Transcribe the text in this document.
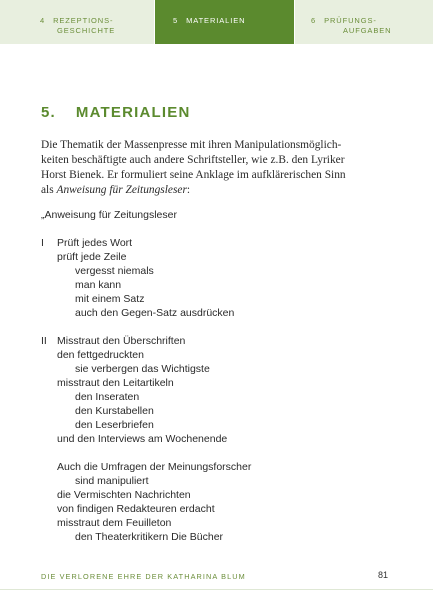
4 REZEPTIONS-
GESCHICHTE
5 MATERIALIEN	6 PRÜFUNGS-
AUFGABEN
5. MATERIALIEN

Die Thematik der Massenpresse mit ihren Manipulationsmöglich-

keiten beschäftigte auch andere Schriftsteller, wie z.B. den Lyriker

Horst Bienek. Er formuliert seine Anklage im aufklärerischen Sinn

als Anweisung für Zeitungsleser:

„Anweisung für Zeitungsleser
I Prüft jedes Wort
prüft jede Zeile
vergesst niemals
man kann
mit einem Satz
auch den Gegen-Satz ausdrücken
II Misstraut den Überschriften
den fettgedruckten
sie verbergen das Wichtigste
misstraut den Leitartikeln
den Inseraten
den Kurstabellen
den Leserbriefen
und den Interviews am Wochenende
Auch die Umfragen der Meinungsforscher
sind manipuliert
die Vermischten Nachrichten
von findigen Redakteuren erdacht
misstraut dem Feuilleton
den Theaterkritikern Die Bücher
DIE VERLORENE EHRE DER KATHARINA BLUM	81
